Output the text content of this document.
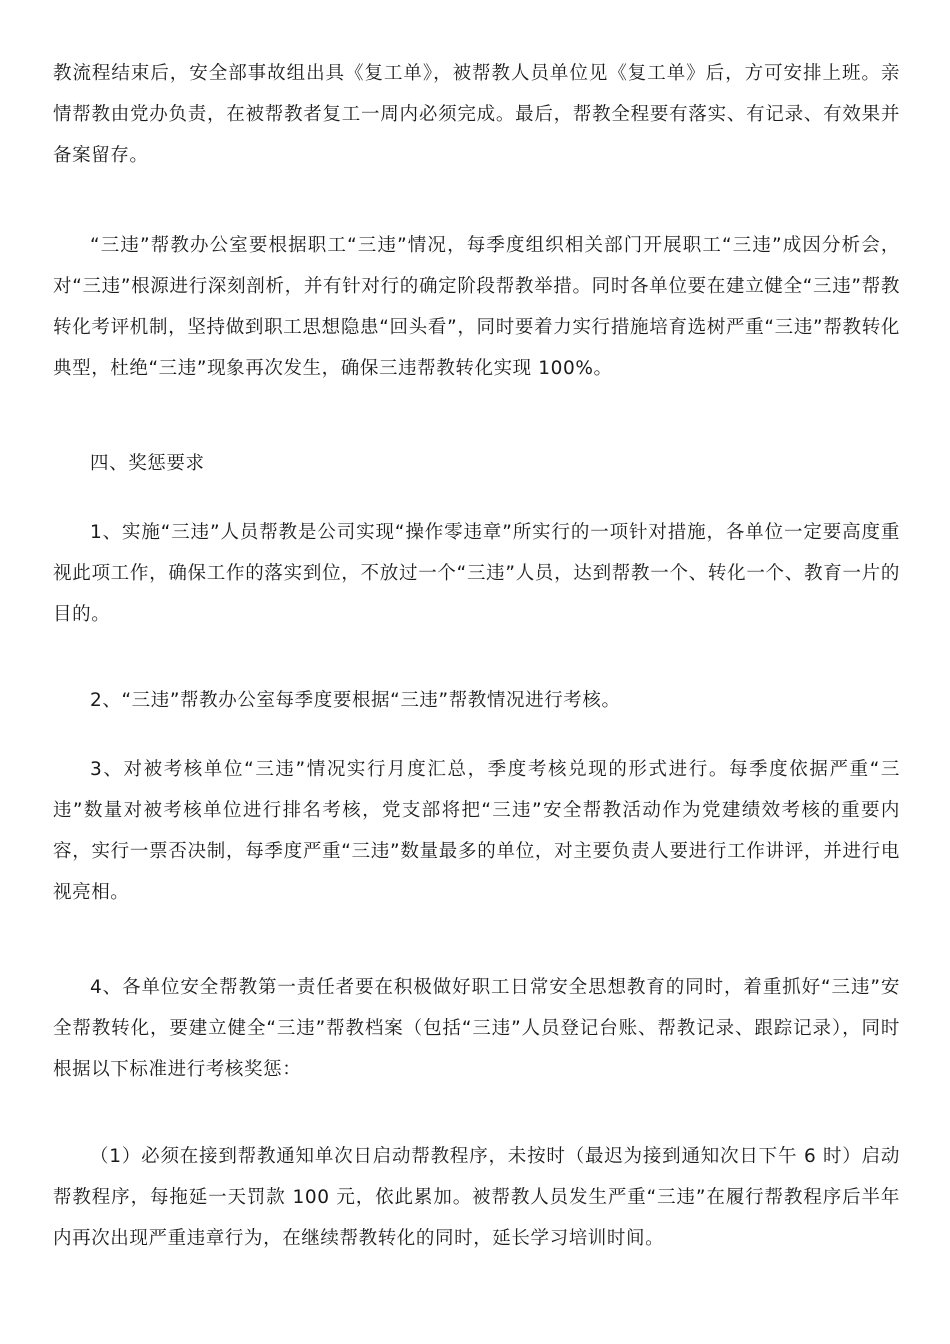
教流程结束后，安全部事故组出具《复工单》，被帮教人员单位见《复工单》后，方可安排上班。亲情帮教由党办负责，在被帮教者复工一周内必须完成。最后，帮教全程要有落实、有记录、有效果并备案留存。

“三违”帮教办公室要根据职工“三违”情况，每季度组织相关部门开展职工“三违”成因分析会，对“三违”根源进行深刻剖析，并有针对行的确定阶段帮教举措。同时各单位要在建立健全“三违”帮教转化考评机制，坚持做到职工思想隐患“回头看”，同时要着力实行措施培育选树严重“三违”帮教转化典型，杜绝“三违”现象再次发生，确保三违帮教转化实现 100%。

四、奖惩要求

1、实施“三违”人员帮教是公司实现“操作零违章”所实行的一项针对措施，各单位一定要高度重视此项工作，确保工作的落实到位，不放过一个“三违”人员，达到帮教一个、转化一个、教育一片的目的。

2、“三违”帮教办公室每季度要根据“三违”帮教情况进行考核。

3、对被考核单位“三违”情况实行月度汇总，季度考核兑现的形式进行。每季度依据严重“三违”数量对被考核单位进行排名考核，党支部将把“三违”安全帮教活动作为党建绩效考核的重要内容，实行一票否决制，每季度严重“三违”数量最多的单位，对主要负责人要进行工作讲评，并进行电视亮相。

4、各单位安全帮教第一责任者要在积极做好职工日常安全思想教育的同时，着重抓好“三违”安全帮教转化，要建立健全“三违”帮教档案（包括“三违”人员登记台账、帮教记录、跟踪记录），同时根据以下标准进行考核奖惩：

（1）必须在接到帮教通知单次日启动帮教程序，未按时（最迟为接到通知次日下午 6 时）启动帮教程序，每拖延一天罚款 100 元，依此累加。被帮教人员发生严重“三违”在履行帮教程序后半年内再次出现严重违章行为，在继续帮教转化的同时，延长学习培训时间。
